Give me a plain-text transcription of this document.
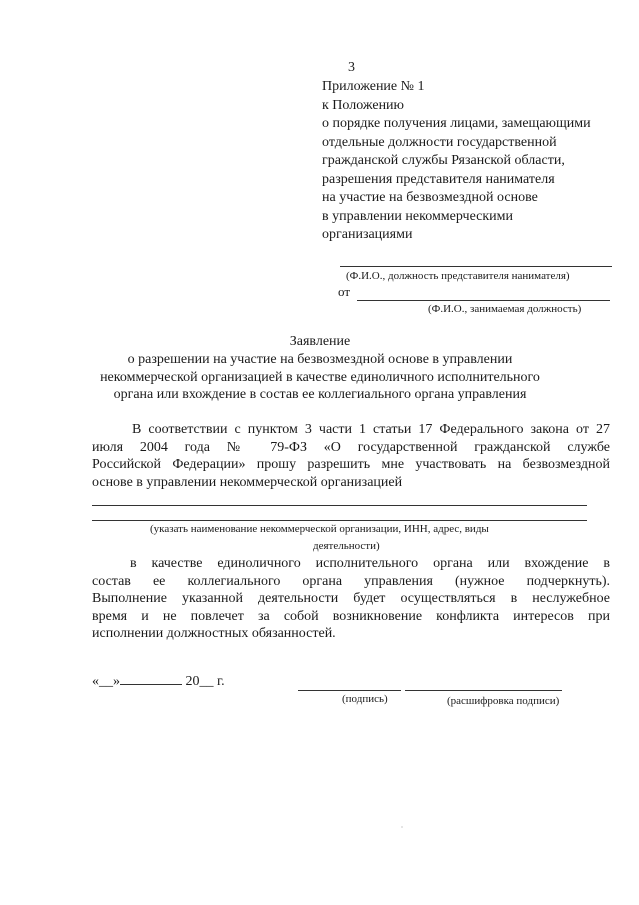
3
Приложение № 1
к Положению
о порядке получения лицами, замещающими
отдельные должности государственной
гражданской службы Рязанской области,
разрешения представителя нанимателя
на участие на безвозмездной основе
в управлении некоммерческими
организациями
(Ф.И.О., должность представителя нанимателя)
от
(Ф.И.О., занимаемая должность)
Заявление
о разрешении на участие на безвозмездной основе в управлении
некоммерческой организацией в качестве единоличного исполнительного
органа или вхождение в состав ее коллегиального органа управления
В соответствии с пунктом 3 части 1 статьи 17 Федерального закона от 27
июля 2004 года № 79-ФЗ «О государственной гражданской службе
Российской Федерации» прошу разрешить мне участвовать на безвозмездной
основе в управлении некоммерческой организацией
(указать наименование некоммерческой организации, ИНН, адрес, виды
деятельности)
в качестве единоличного исполнительного органа или вхождение в
состав ее коллегиального органа управления (нужное подчеркнуть).
Выполнение указанной деятельности будет осуществляться в неслужебное
время и не повлечет за собой возникновение конфликта интересов при
исполнении должностных обязанностей.
«__»	20__ г.
(подпись)	(расшифровка подписи)
